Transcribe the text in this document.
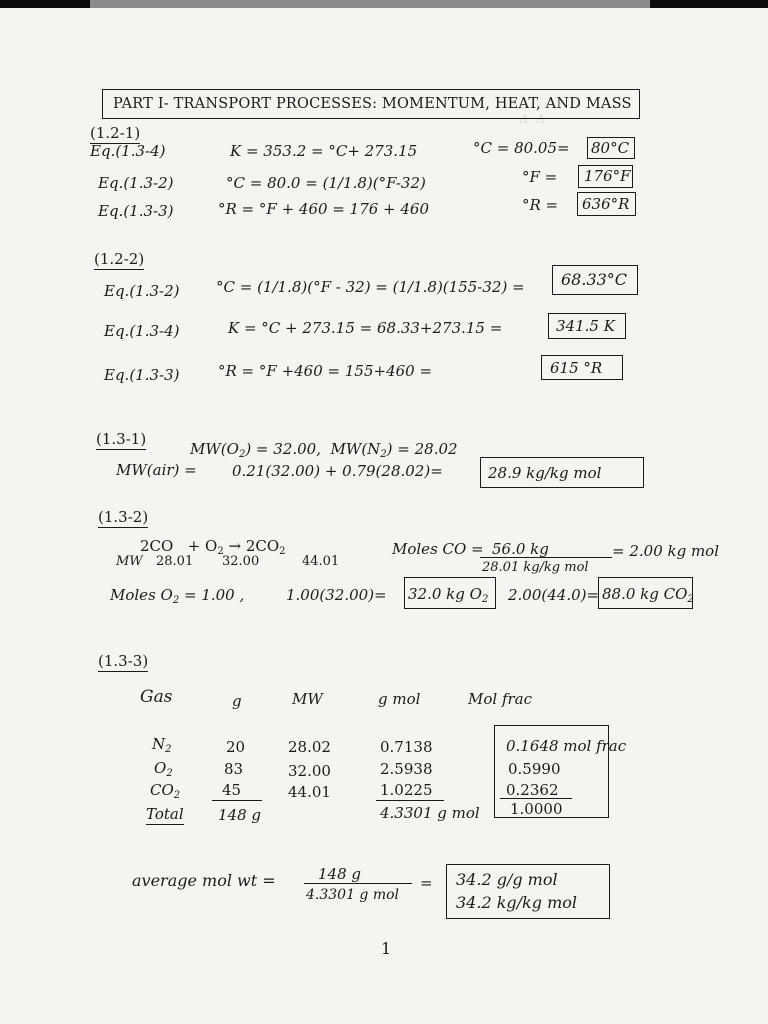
Δ  Δ
PART I- TRANSPORT PROCESSES: MOMENTUM, HEAT, AND MASS
(1.2-1)
Eq.(1.3-4)	K = 353.2 = °C+ 273.15	°C = 80.05= 80°C
Eq.(1.3-2)	°C = 80.0 = (1/1.8)(°F-32)	°F = 176°F
Eq.(1.3-3)	°R = °F + 460 = 176 + 460	°R = 636°R
(1.2-2)
Eq.(1.3-2) °C = (1/1.8)(°F - 32) = (1/1.8)(155-32) = 68.33°C
Eq.(1.3-4)	K = °C + 273.15 = 68.33+273.15 =	341.5 K
Eq.(1.3-3)	°R = °F +460 = 155+460 =	615 °R
(1.3-1)
$MW(O_2) = 32.00$,  $MW(N_2) = 28.02$
MW(air) = 0.21(32.00) + 0.79(28.02)=	28.9 kg/kg mol
(1.3-2)
$2CO + O_2 \to 2CO_2$
MW 28.01 32.00	44.01
Moles CO = 56.0 kg
28.01 kg/kg mol
= 2.00 kg mol
Moles $O_2 = 1.00$ ,	1.00(32.00)= 32.0 kg $O_2$ 2.00(44.0)= 88.0 kg $CO_2$
(1.3-3)
Gas	g	MW	g mol	Mol frac
$N_2$	20	28.02	0.7138	0.1648 mol frac
$O_2$	83	32.00	2.5938	0.5990
$CO_2$	45	44.01	1.0225	0.2362
Total 148 g	4.3301 g mol 1.0000
average mol wt =	148 g
4.3301 g mol
= 34.2 g/g mol
34.2 kg/kg mol
1
